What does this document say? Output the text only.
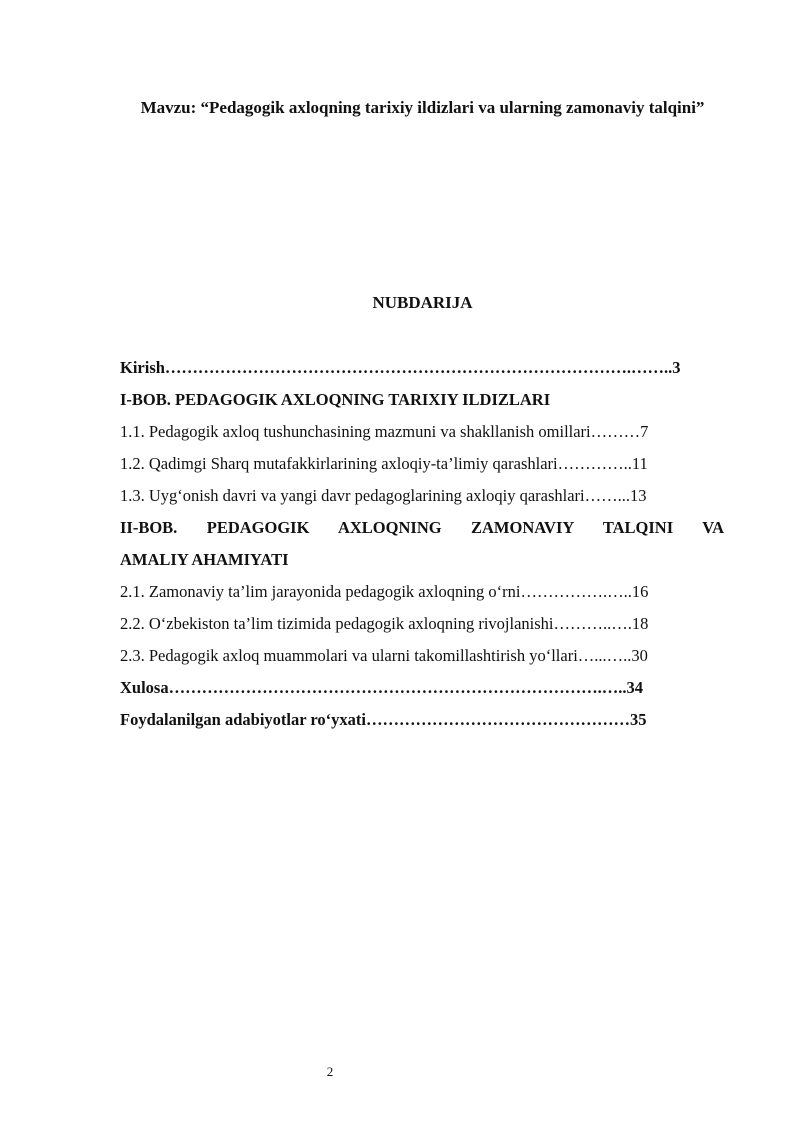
Mavzu: “Pedagogik axloqning tarixiy ildizlari va ularning zamonaviy talqini”
NUBDARIJA
Kirish………………………………………………………………………….……..3
I-BOB. PEDAGOGIK AXLOQNING TARIXIY ILDIZLARI
1.1. Pedagogik axloq tushunchasining mazmuni va shakllanish omillari………7
1.2. Qadimgi Sharq mutafakkirlarining axloqiy-ta’limiy qarashlari…………..11
1.3. Uyg‘onish davri va yangi davr pedagoglarining axloqiy qarashlari……...13
II-BOB. PEDAGOGIK AXLOQNING ZAMONAVIY TALQINI VA
AMALIY AHAMIYATI
2.1. Zamonaviy ta’lim jarayonida pedagogik axloqning o‘rni…………….…..16
2.2. O‘zbekiston ta’lim tizimida pedagogik axloqning rivojlanishi………..….18
2.3. Pedagogik axloq muammolari va ularni takomillashtirish yo‘llari…...…..30
Xulosa…………………………………………………………………….…..34
Foydalanilgan adabiyotlar ro‘yxati…………………………………………35
2
